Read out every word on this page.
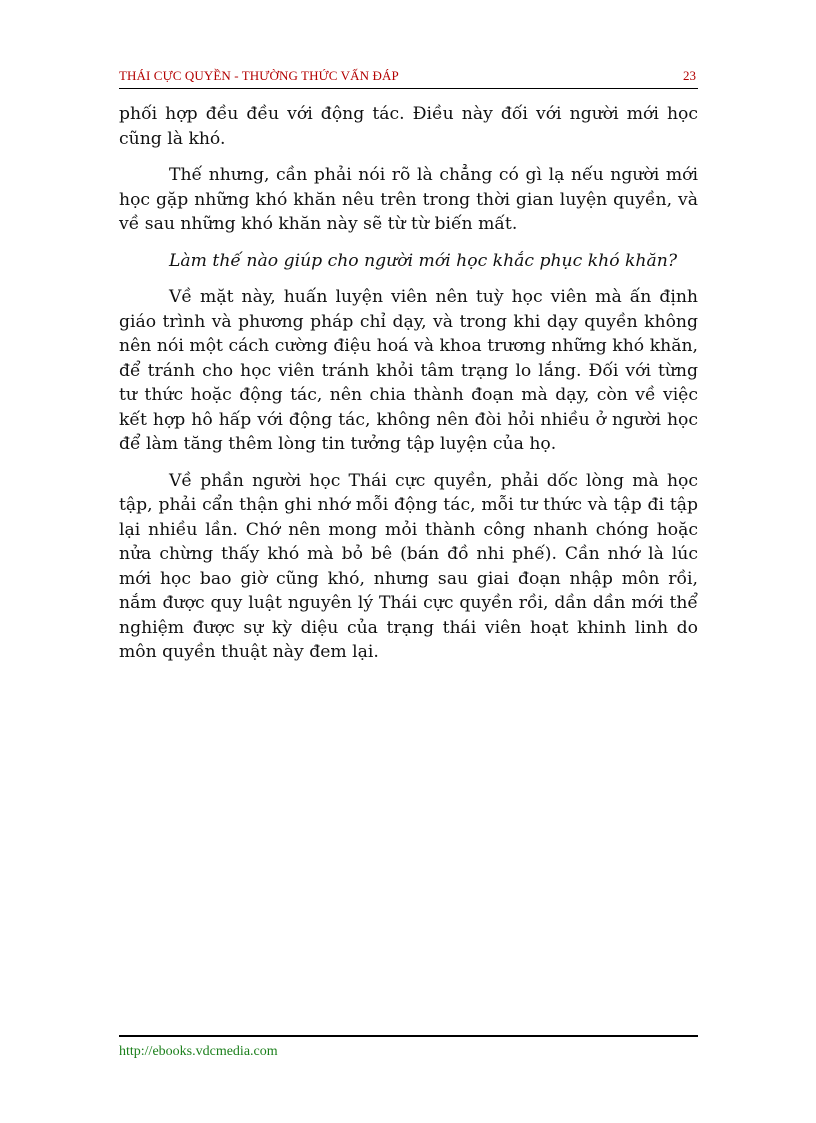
THÁI CỰC QUYỀN - THƯỜNG THỨC VẤN ĐÁP	23

phối hợp đều đều với động tác. Điều này đối với người mới học cũng là khó.

Thế nhưng, cần phải nói rõ là chẳng có gì lạ nếu người mới học gặp những khó khăn nêu trên trong thời gian luyện quyền, và về sau những khó khăn này sẽ từ từ biến mất.

Làm thế nào giúp cho người mới học khắc phục khó khăn?

Về mặt này, huấn luyện viên nên tuỳ học viên mà ấn định giáo trình và phương pháp chỉ dạy, và trong khi dạy quyền không nên nói một cách cường điệu hoá và khoa trương những khó khăn, để tránh cho học viên tránh khỏi tâm trạng lo lắng. Đối với từng tư thức hoặc động tác, nên chia thành đoạn mà dạy, còn về việc kết hợp hô hấp với động tác, không nên đòi hỏi nhiều ở người học để làm tăng thêm lòng tin tưởng tập luyện của họ.

Về phần người học Thái cực quyền, phải dốc lòng mà học tập, phải cẩn thận ghi nhớ mỗi động tác, mỗi tư thức và tập đi tập lại nhiều lần. Chớ nên mong mỏi thành công nhanh chóng hoặc nửa chừng thấy khó mà bỏ bê (bán đồ nhi phế). Cần nhớ là lúc mới học bao giờ cũng khó, nhưng sau giai đoạn nhập môn rồi, nắm được quy luật nguyên lý Thái cực quyền rồi, dần dần mới thể nghiệm được sự kỳ diệu của trạng thái viên hoạt khinh linh do môn quyền thuật này đem lại.

http://ebooks.vdcmedia.com
